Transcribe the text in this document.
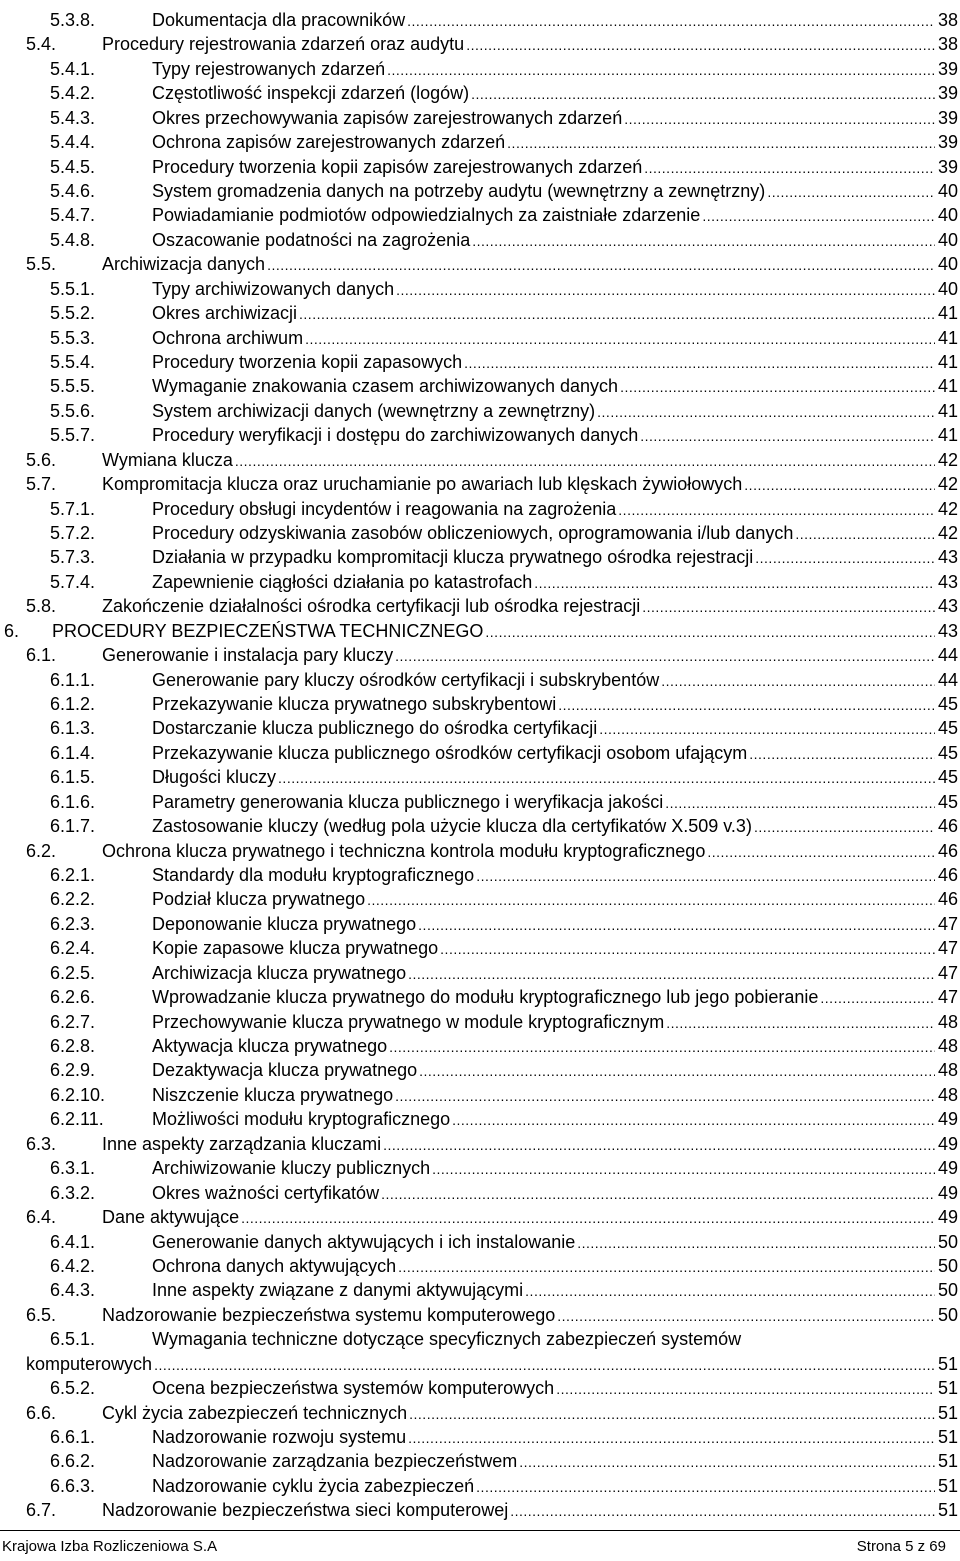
5.3.8.	Dokumentacja dla pracowników .....	38
5.4.	Procedury rejestrowania zdarzeń oraz audytu .....	38
5.4.1.	Typy rejestrowanych zdarzeń .....	39
5.4.2.	Częstotliwość inspekcji zdarzeń (logów) .....	39
5.4.3.	Okres przechowywania zapisów zarejestrowanych zdarzeń .....	39
5.4.4.	Ochrona zapisów zarejestrowanych zdarzeń .....	39
5.4.5.	Procedury tworzenia kopii zapisów zarejestrowanych zdarzeń .....	39
5.4.6.	System gromadzenia danych na potrzeby audytu (wewnętrzny a zewnętrzny) .....	40
5.4.7.	Powiadamianie podmiotów odpowiedzialnych za zaistniałe zdarzenie .....	40
5.4.8.	Oszacowanie podatności na zagrożenia .....	40
5.5.	Archiwizacja danych .....	40
5.5.1.	Typy archiwizowanych danych .....	40
5.5.2.	Okres archiwizacji .....	41
5.5.3.	Ochrona archiwum .....	41
5.5.4.	Procedury tworzenia kopii zapasowych .....	41
5.5.5.	Wymaganie znakowania czasem archiwizowanych danych .....	41
5.5.6.	System archiwizacji danych (wewnętrzny a zewnętrzny) .....	41
5.5.7.	Procedury weryfikacji i dostępu do zarchiwizowanych danych .....	41
5.6.	Wymiana klucza .....	42
5.7.	Kompromitacja klucza oraz uruchamianie po awariach lub klęskach żywiołowych .....	42
5.7.1.	Procedury obsługi incydentów i reagowania na zagrożenia .....	42
5.7.2.	Procedury odzyskiwania zasobów obliczeniowych, oprogramowania i/lub danych .....	42
5.7.3.	Działania w przypadku kompromitacji klucza prywatnego ośrodka rejestracji .....	43
5.7.4.	Zapewnienie ciągłości działania po katastrofach .....	43
5.8.	Zakończenie działalności ośrodka certyfikacji lub ośrodka rejestracji .....	43
6. PROCEDURY BEZPIECZEŃSTWA TECHNICZNEGO .....	43
6.1.	Generowanie i instalacja pary kluczy .....	44
6.1.1.	Generowanie pary kluczy ośrodków certyfikacji i subskrybentów .....	44
6.1.2.	Przekazywanie klucza prywatnego subskrybentowi .....	45
6.1.3.	Dostarczanie klucza publicznego do ośrodka certyfikacji .....	45
6.1.4.	Przekazywanie klucza publicznego ośrodków certyfikacji osobom ufającym .....	45
6.1.5.	Długości kluczy .....	45
6.1.6.	Parametry generowania klucza publicznego i weryfikacja jakości .....	45
6.1.7.	Zastosowanie kluczy (według pola użycie klucza dla certyfikatów X.509 v.3) .....	46
6.2.	Ochrona klucza prywatnego i techniczna kontrola modułu kryptograficznego .....	46
6.2.1.	Standardy dla modułu kryptograficznego .....	46
6.2.2.	Podział klucza prywatnego .....	46
6.2.3.	Deponowanie klucza prywatnego .....	47
6.2.4.	Kopie zapasowe klucza prywatnego .....	47
6.2.5.	Archiwizacja klucza prywatnego .....	47
6.2.6.	Wprowadzanie klucza prywatnego do modułu kryptograficznego lub jego pobieranie .....	47
6.2.7.	Przechowywanie klucza prywatnego w module kryptograficznym .....	48
6.2.8.	Aktywacja klucza prywatnego .....	48
6.2.9.	Dezaktywacja klucza prywatnego .....	48
6.2.10.	Niszczenie klucza prywatnego .....	48
6.2.11.	Możliwości modułu kryptograficznego .....	49
6.3.	Inne aspekty zarządzania kluczami .....	49
6.3.1.	Archiwizowanie kluczy publicznych .....	49
6.3.2.	Okres ważności certyfikatów .....	49
6.4.	Dane aktywujące .....	49
6.4.1.	Generowanie danych aktywujących i ich instalowanie .....	50
6.4.2.	Ochrona danych aktywujących .....	50
6.4.3.	Inne aspekty związane z danymi aktywującymi .....	50
6.5.	Nadzorowanie bezpieczeństwa systemu komputerowego .....	50
6.5.1.	Wymagania techniczne dotyczące specyficznych zabezpieczeń systemów
komputerowych .....	51
6.5.2.	Ocena bezpieczeństwa systemów komputerowych .....	51
6.6.	Cykl życia zabezpieczeń technicznych .....	51
6.6.1.	Nadzorowanie rozwoju systemu .....	51
6.6.2.	Nadzorowanie zarządzania bezpieczeństwem .....	51
6.6.3.	Nadzorowanie cyklu życia zabezpieczeń .....	51
6.7.	Nadzorowanie bezpieczeństwa sieci komputerowej .....	51
Krajowa Izba Rozliczeniowa S.A	Strona 5 z 69
